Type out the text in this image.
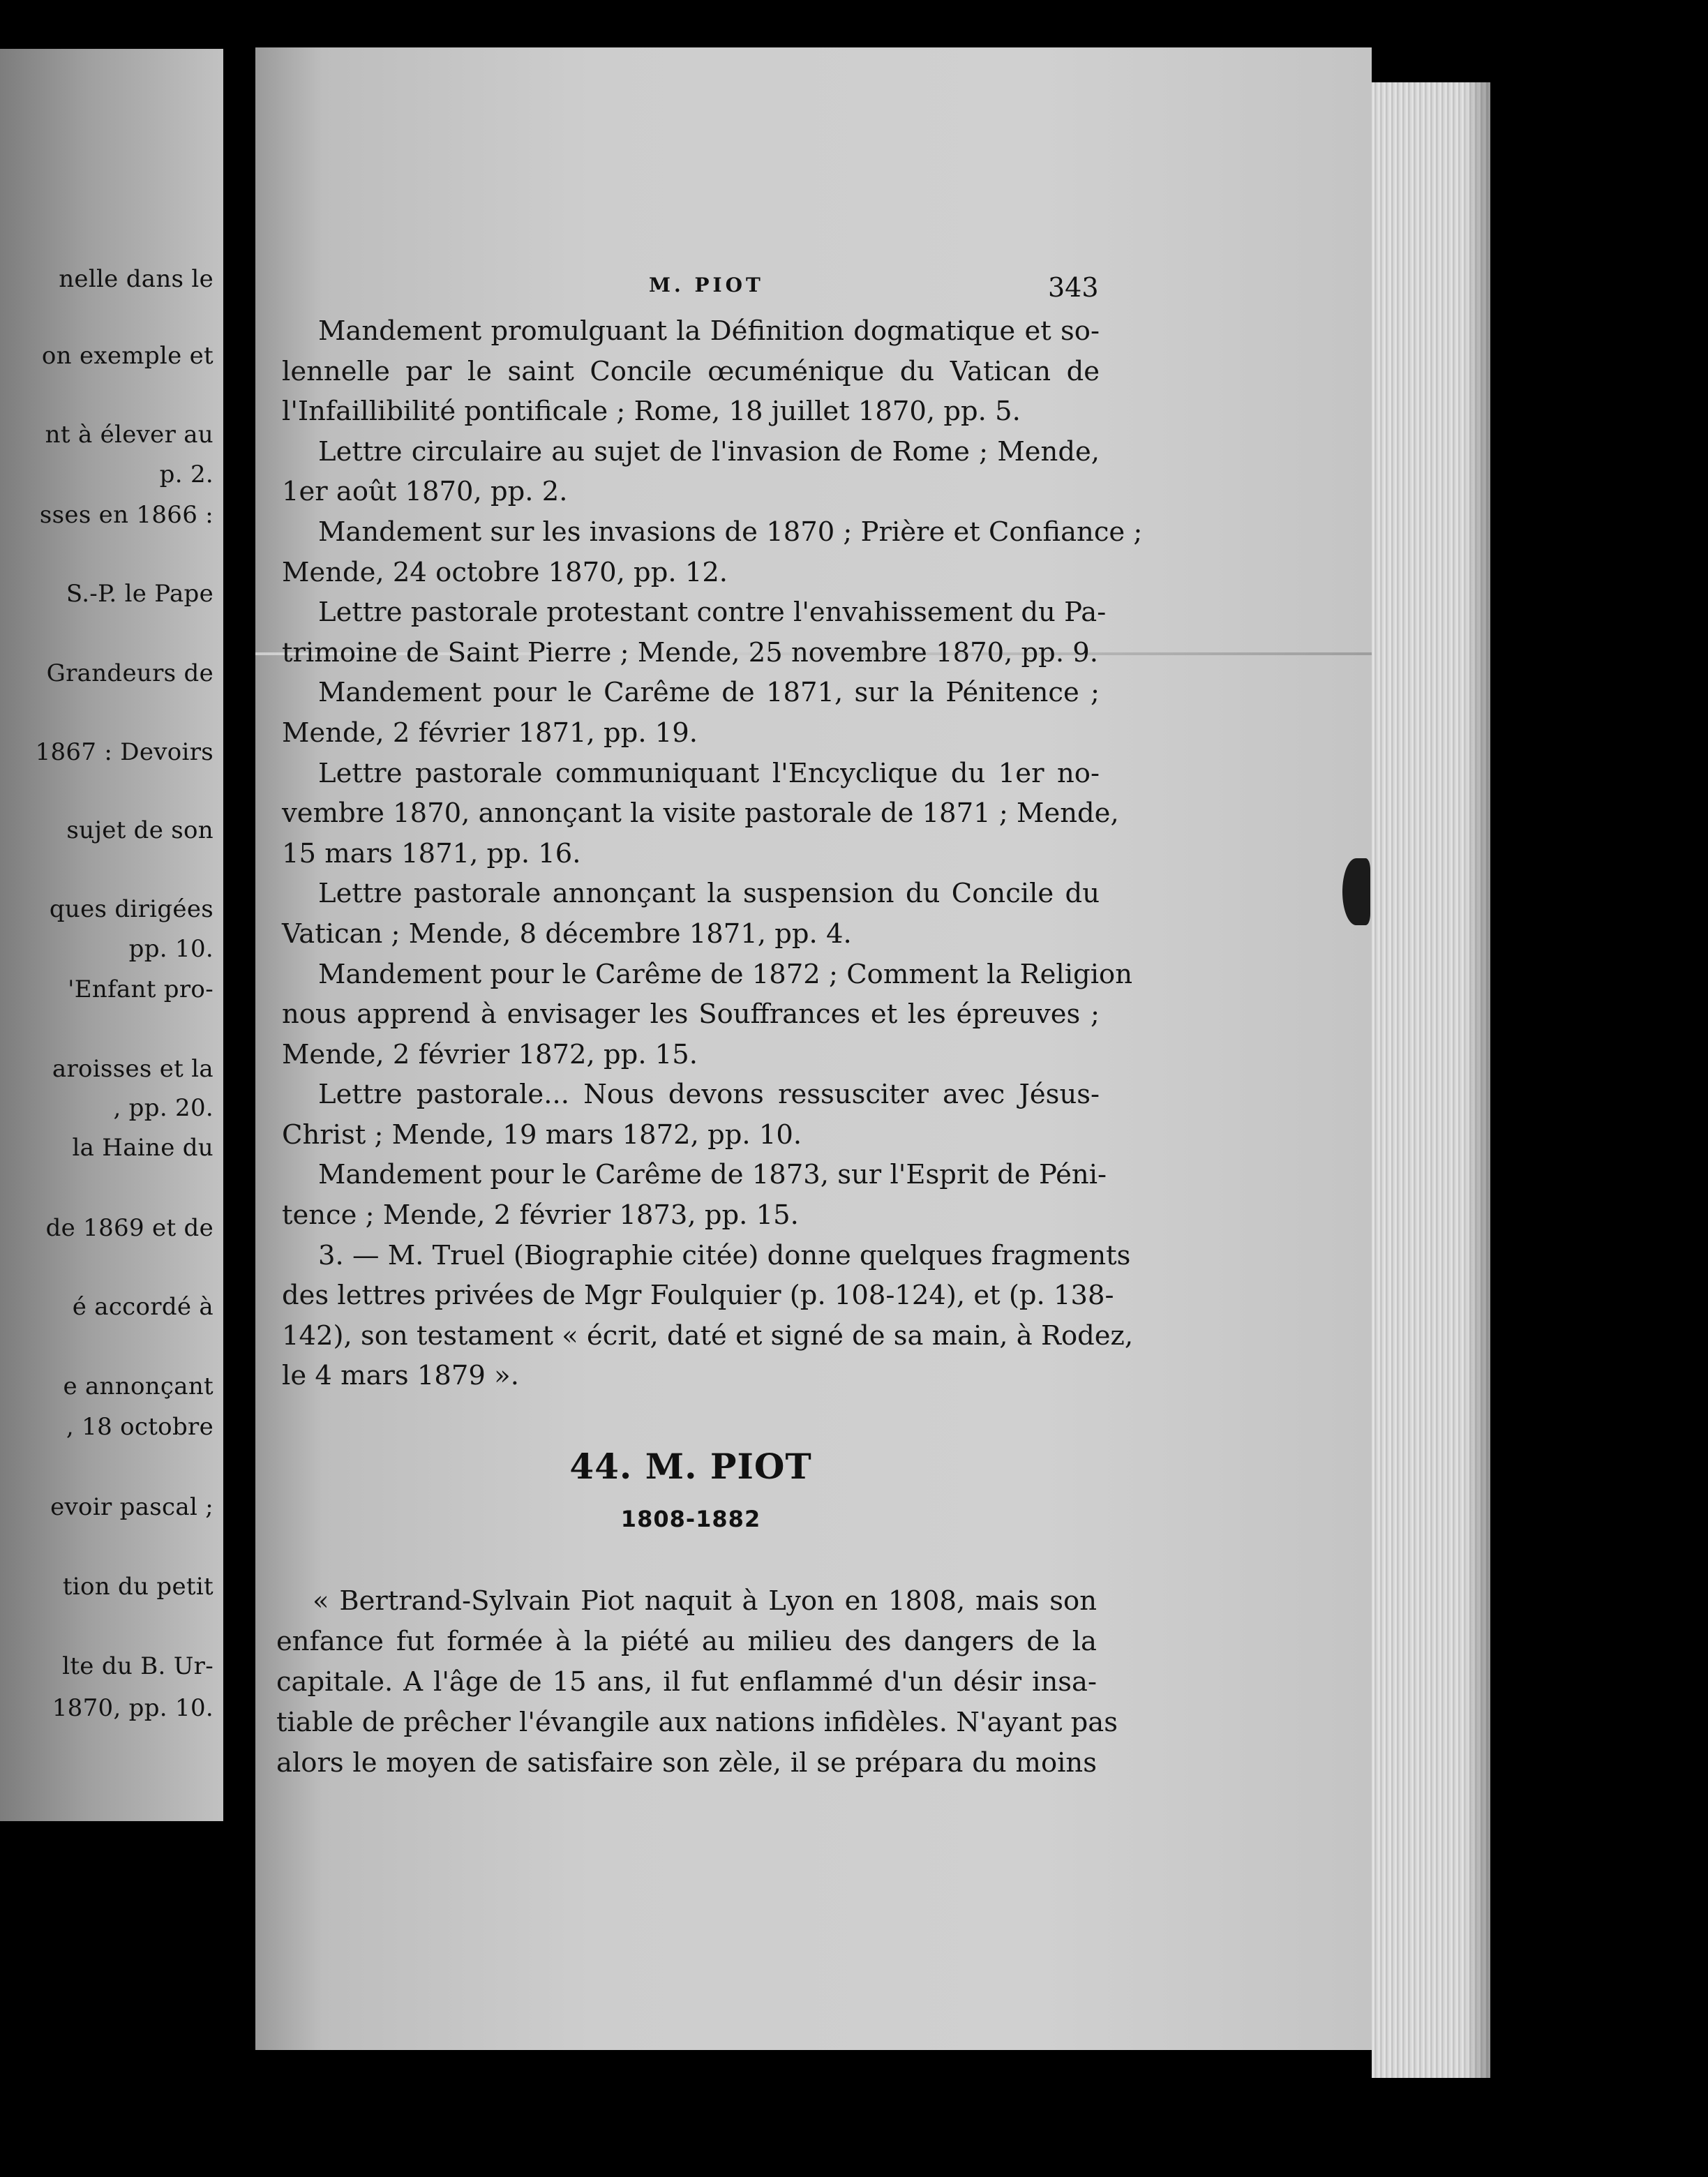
nelle dans le
on exemple et
nt à élever au
p. 2.
sses en 1866 :
S.-P. le Pape
Grandeurs de
1867 : Devoirs
sujet de son
ques dirigées
pp. 10.
'Enfant pro-
aroisses et la
, pp. 20.
la Haine du
de 1869 et de
é accordé à
e annonçant
, 18 octobre
evoir pascal ;
tion du petit
lte du B. Ur-
1870, pp. 10.
M. PIOT	343
Mandement promulguant la Définition dogmatique et so-
lennelle par le saint Concile œcuménique du Vatican de
l'Infaillibilité pontificale ; Rome, 18 juillet 1870, pp. 5.
Lettre circulaire au sujet de l'invasion de Rome ; Mende,
1er août 1870, pp. 2.
Mandement sur les invasions de 1870 ; Prière et Confiance ;
Mende, 24 octobre 1870, pp. 12.
Lettre pastorale protestant contre l'envahissement du Pa-
trimoine de Saint Pierre ; Mende, 25 novembre 1870, pp. 9.
Mandement pour le Carême de 1871, sur la Pénitence ;
Mende, 2 février 1871, pp. 19.
Lettre pastorale communiquant l'Encyclique du 1er no-
vembre 1870, annonçant la visite pastorale de 1871 ; Mende,
15 mars 1871, pp. 16.
Lettre pastorale annonçant la suspension du Concile du
Vatican ; Mende, 8 décembre 1871, pp. 4.
Mandement pour le Carême de 1872 ; Comment la Religion
nous apprend à envisager les Souffrances et les épreuves ;
Mende, 2 février 1872, pp. 15.
Lettre pastorale... Nous devons ressusciter avec Jésus-
Christ ; Mende, 19 mars 1872, pp. 10.
Mandement pour le Carême de 1873, sur l'Esprit de Péni-
tence ; Mende, 2 février 1873, pp. 15.
3. — M. Truel (Biographie citée) donne quelques fragments
des lettres privées de Mgr Foulquier (p. 108-124), et (p. 138-
142), son testament « écrit, daté et signé de sa main, à Rodez,
le 4 mars 1879 ».
44. M. PIOT
1808-1882
« Bertrand-Sylvain Piot naquit à Lyon en 1808, mais son
enfance fut formée à la piété au milieu des dangers de la
capitale. A l'âge de 15 ans, il fut enflammé d'un désir insa-
tiable de prêcher l'évangile aux nations infidèles. N'ayant pas
alors le moyen de satisfaire son zèle, il se prépara du moins
